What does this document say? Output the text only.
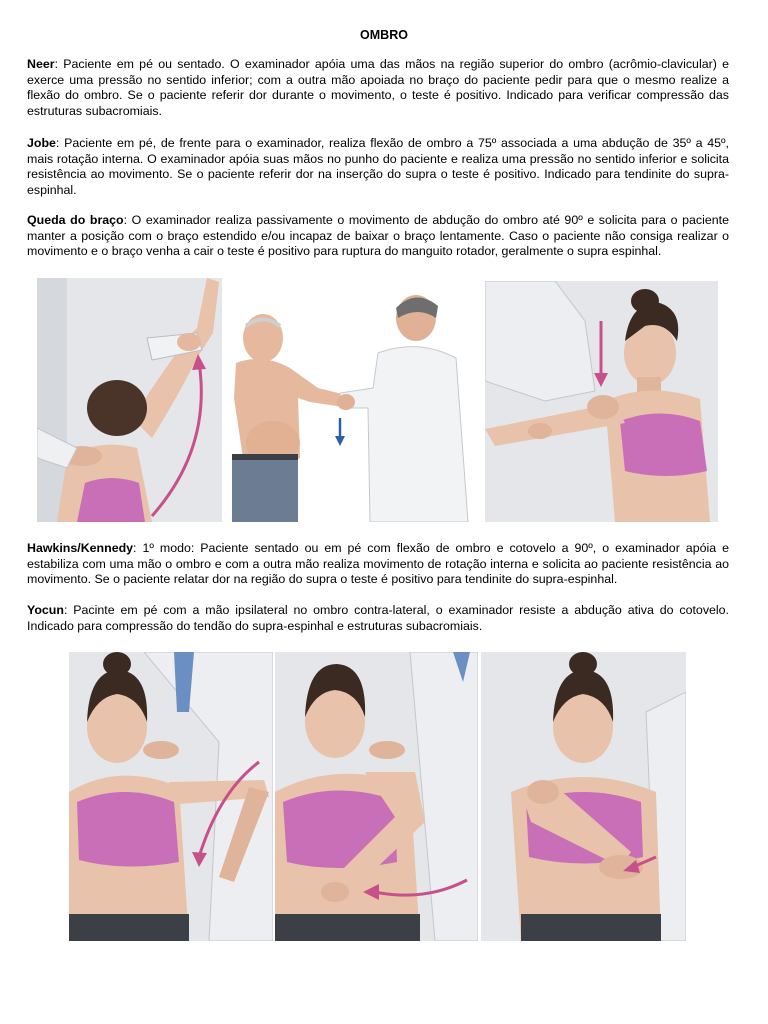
OMBRO

Neer: Paciente em pé ou sentado. O examinador apóia uma das mãos na região superior do ombro (acrômio-clavicular) e exerce uma pressão no sentido inferior; com a outra mão apoiada no braço do paciente pedir para que o mesmo realize a flexão do ombro. Se o paciente referir dor durante o movimento, o teste é positivo. Indicado para verificar compressão das estruturas subacromiais.

Jobe: Paciente em pé, de frente para o examinador, realiza flexão de ombro a 75º associada a uma abdução de 35º a 45º, mais rotação interna. O examinador apóia suas mãos no punho do paciente e realiza uma pressão no sentido inferior e solicita resistência ao movimento. Se o paciente referir dor na inserção do supra o teste é positivo. Indicado para tendinite do supra-espinhal.

Queda do braço: O examinador realiza passivamente o movimento de abdução do ombro até 90º e solicita para o paciente manter a posição com o braço estendido e/ou incapaz de baixar o braço lentamente. Caso o paciente não consiga realizar o movimento e o braço venha a cair o teste é positivo para ruptura do manguito rotador, geralmente o supra espinhal.

Hawkins/Kennedy: 1º modo: Paciente sentado ou em pé com flexão de ombro e cotovelo a 90º, o examinador apóia e estabiliza com uma mão o ombro e com a outra mão realiza movimento de rotação interna e solicita ao paciente resistência ao movimento. Se o paciente relatar dor na região do supra o teste é positivo para tendinite do supra-espinhal.

Yocun: Pacinte em pé com a mão ipsilateral no ombro contra-lateral, o examinador resiste a abdução ativa do cotovelo. Indicado para compressão do tendão do supra-espinhal e estruturas subacromiais.
